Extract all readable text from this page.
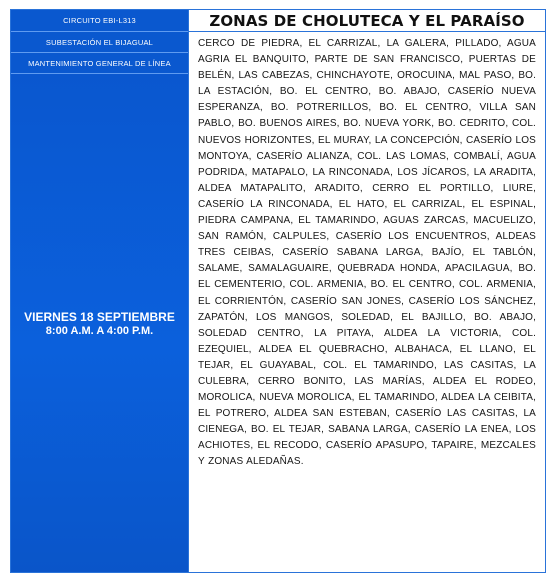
CIRCUITO EBI-L313
SUBESTACIÓN EL BIJAGUAL
MANTENIMIENTO GENERAL DE LÍNEA
VIERNES 18 SEPTIEMBRE
8:00 A.M. A 4:00 P.M.
ZONAS DE CHOLUTECA Y EL PARAÍSO
CERCO DE PIEDRA, EL CARRIZAL, LA GALERA, PILLADO, AGUA AGRIA EL BANQUITO, PARTE DE SAN FRANCISCO, PUERTAS DE BELÉN, LAS CABEZAS, CHINCHAYOTE, OROCUINA, MAL PASO, BO. LA ESTACIÓN, BO. EL CENTRO, BO. ABAJO, CASERÍO NUEVA ESPERANZA, BO. POTRERILLOS, BO. EL CENTRO, VILLA SAN PABLO, BO. BUENOS AIRES, BO. NUEVA YORK, BO. CEDRITO, COL. NUEVOS HORIZONTES, EL MURAY, LA CONCEPCIÓN, CASERÍO LOS MONTOYA, CASERÍO ALIANZA, COL. LAS LOMAS, COMBALÍ, AGUA PODRIDA, MATAPALO, LA RINCONADA, LOS JÍCAROS, LA ARADITA, ALDEA MATAPALITO, ARADITO, CERRO EL PORTILLO, LIURE, CASERÍO LA RINCONADA, EL HATO, EL CARRIZAL, EL ESPINAL, PIEDRA CAMPANA, EL TAMARINDO, AGUAS ZARCAS, MACUELIZO, SAN RAMÓN, CALPULES, CASERÍO LOS ENCUENTROS, ALDEAS TRES CEIBAS, CASERÍO SABANA LARGA, BAJÍO, EL TABLÓN, SALAME, SAMALAGUAIRE, QUEBRADA HONDA, APACILAGUA, BO. EL CEMENTERIO, COL. ARMENIA, BO. EL CENTRO, COL. ARMENIA, EL CORRIENTÓN, CASERÍO SAN JONES, CASERÍO LOS SÁNCHEZ, ZAPATÓN, LOS MANGOS, SOLEDAD, EL BAJILLO, BO. ABAJO, SOLEDAD CENTRO, LA PITAYA, ALDEA LA VICTORIA, COL. EZEQUIEL, ALDEA EL QUEBRACHO, ALBAHACA, EL LLANO, EL TEJAR, EL GUAYABAL, COL. EL TAMARINDO, LAS CASITAS, LA CULEBRA, CERRO BONITO, LAS MARÍAS, ALDEA EL RODEO, MOROLICA, NUEVA MOROLICA, EL TAMARINDO, ALDEA LA CEIBITA, EL POTRERO, ALDEA SAN ESTEBAN, CASERÍO LAS CASITAS, LA CIENEGA, BO. EL TEJAR, SABANA LARGA, CASERÍO LA ENEA, LOS ACHIOTES, EL RECODO, CASERÍO APASUPO, TAPAIRE, MEZCALES Y ZONAS ALEDAÑAS.
